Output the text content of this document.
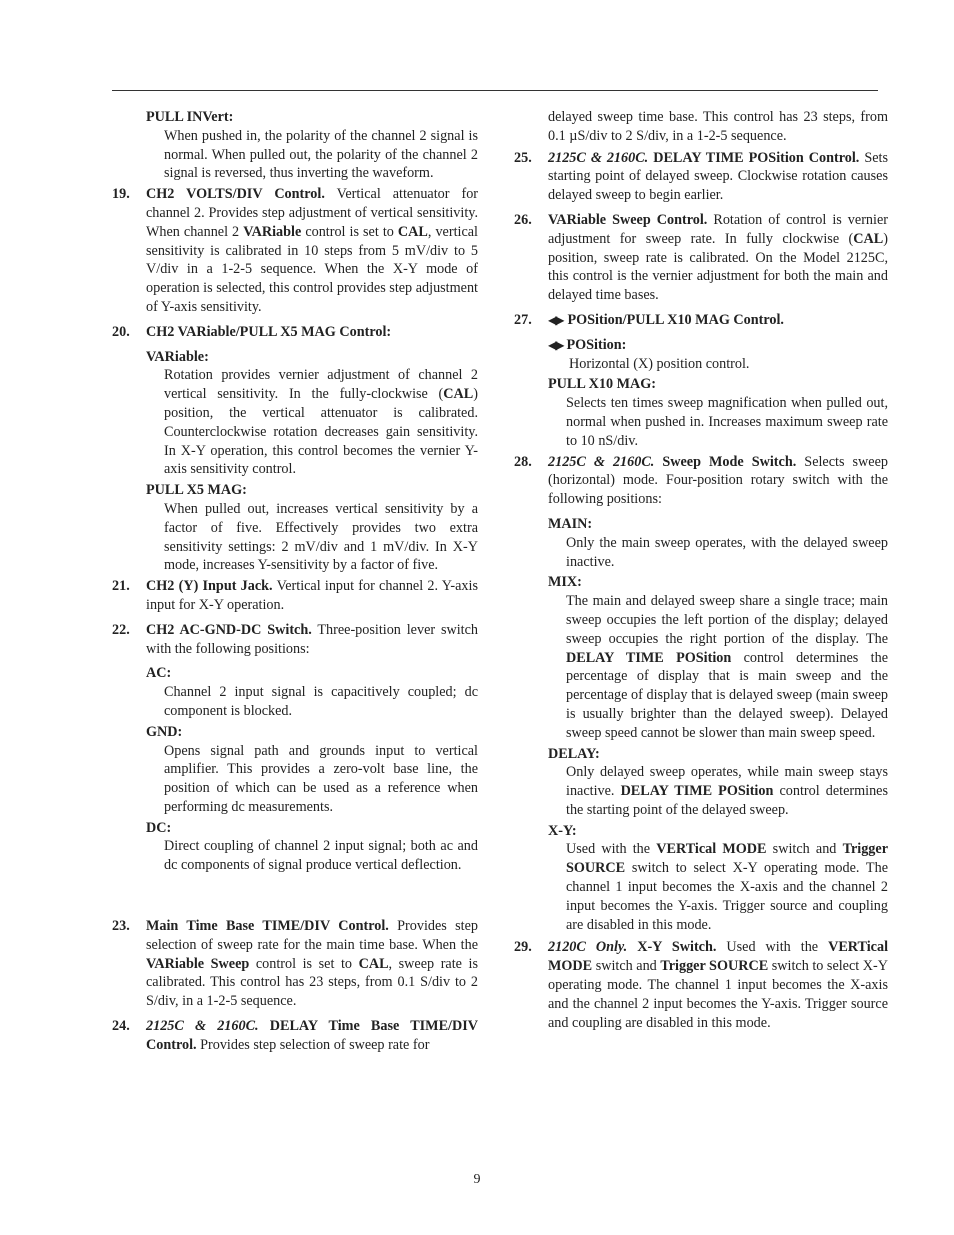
PULL INVert:

When pushed in, the polarity of the channel 2 signal is normal. When pulled out, the polarity of the channel 2 signal is reversed, thus inverting the waveform.

19. CH2 VOLTS/DIV Control. Vertical attenuator for channel 2. Provides step adjustment of vertical sensitivity. When channel 2 VARiable control is set to CAL, vertical sensitivity is calibrated in 10 steps from 5 mV/div to 5 V/div in a 1-2-5 sequence. When the X-Y mode of operation is selected, this control provides step adjustment of Y-axis sensitivity.

20. CH2 VARiable/PULL X5 MAG Control:

VARiable:

Rotation provides vernier adjustment of channel 2 vertical sensitivity. In the fully-clockwise (CAL) position, the vertical attenuator is calibrated. Counterclockwise rotation decreases gain sensitivity. In X-Y operation, this control becomes the vernier Y-axis sensitivity control.

PULL X5 MAG:

When pulled out, increases vertical sensitivity by a factor of five. Effectively provides two extra sensitivity settings: 2 mV/div and 1 mV/div. In X-Y mode, increases Y-sensitivity by a factor of five.

21. CH2 (Y) Input Jack. Vertical input for channel 2. Y-axis input for X-Y operation.

22. CH2 AC-GND-DC Switch. Three-position lever switch with the following positions:

AC:

Channel 2 input signal is capacitively coupled; dc component is blocked.

GND:

Opens signal path and grounds input to vertical amplifier. This provides a zero-volt base line, the position of which can be used as a reference when performing dc measurements.

DC:

Direct coupling of channel 2 input signal; both ac and dc components of signal produce vertical deflection.

23. Main Time Base TIME/DIV Control. Provides step selection of sweep rate for the main time base. When the VARiable Sweep control is set to CAL, sweep rate is calibrated. This control has 23 steps, from 0.1 S/div to 2 S/div, in a 1-2-5 sequence.

24. 2125C & 2160C. DELAY Time Base TIME/DIV Control. Provides step selection of sweep rate for

delayed sweep time base. This control has 23 steps, from 0.1 µS/div to 2 S/div, in a 1-2-5 sequence.

25. 2125C & 2160C. DELAY TIME POSition Control. Sets starting point of delayed sweep. Clockwise rotation causes delayed sweep to begin earlier.

26. VARiable Sweep Control. Rotation of control is vernier adjustment for sweep rate. In fully clockwise (CAL) position, sweep rate is calibrated. On the Model 2125C, this control is the vernier adjustment for both the main and delayed time bases.

27. ◀▶ POSition/PULL X10 MAG Control.

◀▶ POSition:

Horizontal (X) position control.

PULL X10 MAG:

Selects ten times sweep magnification when pulled out, normal when pushed in. Increases maximum sweep rate to 10 nS/div.

28. 2125C & 2160C. Sweep Mode Switch. Selects sweep (horizontal) mode. Four-position rotary switch with the following positions:

MAIN:

Only the main sweep operates, with the delayed sweep inactive.

MIX:

The main and delayed sweep share a single trace; main sweep occupies the left portion of the display; delayed sweep occupies the right portion of the display. The DELAY TIME POSition control determines the percentage of display that is main sweep and the percentage of display that is delayed sweep (main sweep is usually brighter than the delayed sweep). Delayed sweep speed cannot be slower than main sweep speed.

DELAY:

Only delayed sweep operates, while main sweep stays inactive. DELAY TIME POSition control determines the starting point of the delayed sweep.

X-Y:

Used with the VERTical MODE switch and Trigger SOURCE switch to select X-Y operating mode. The channel 1 input becomes the X-axis and the channel 2 input becomes the Y-axis. Trigger source and coupling are disabled in this mode.

29. 2120C Only. X-Y Switch. Used with the VERTical MODE switch and Trigger SOURCE switch to select X-Y operating mode. The channel 1 input becomes the X-axis and the channel 2 input becomes the Y-axis. Trigger source and coupling are disabled in this mode.

9
